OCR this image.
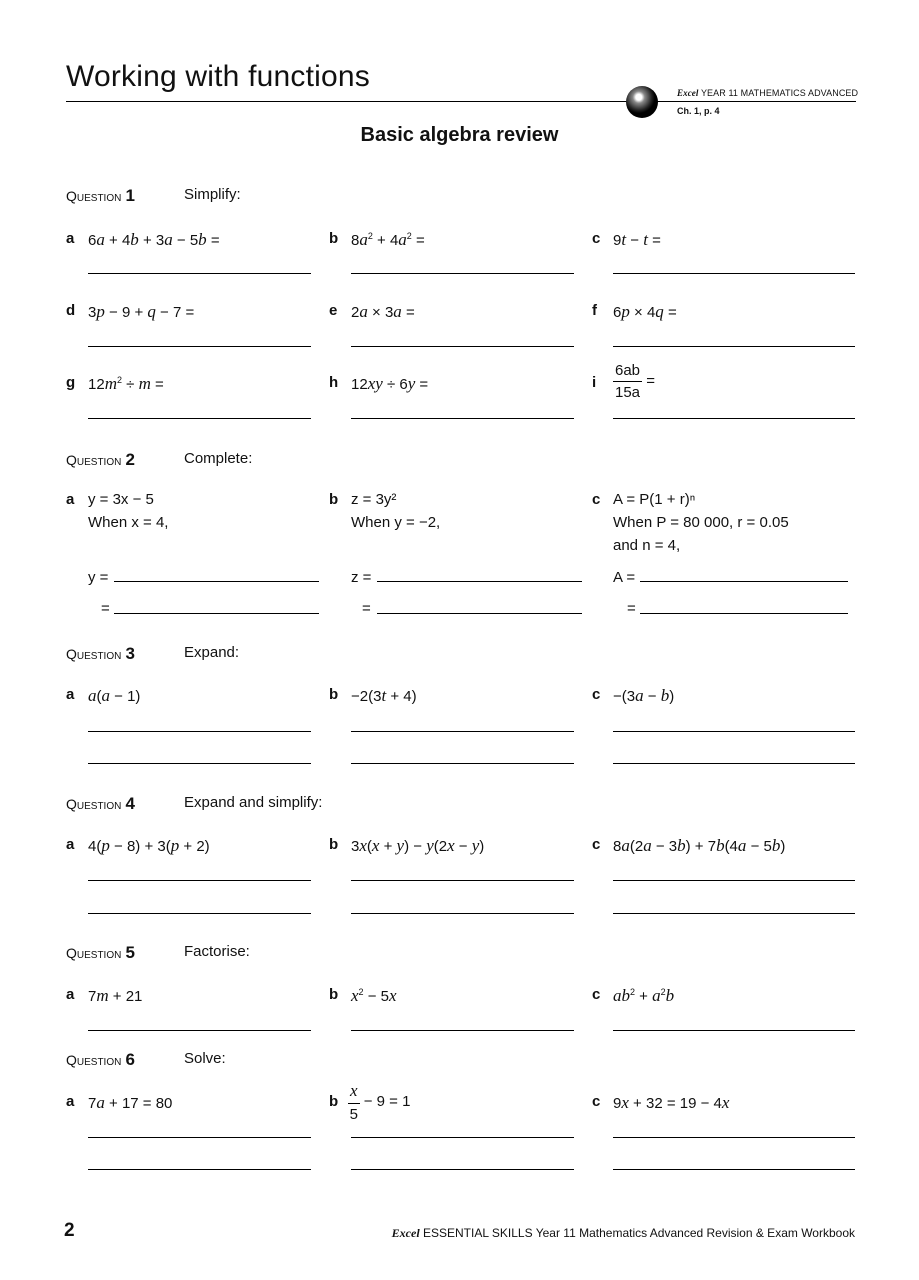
Working with functions	Excel YEAR 11 MATHEMATICS ADVANCED
Ch. 1, p. 4
Basic algebra review
Question 1	Simplify:
a 6a + 4b + 3a − 5b =	b $8a^2 + 4a^2$ =	c 9t − t =
d 3p − 9 + q − 7 =	e 2a × 3a =	f 6p × 4q =
g $12m^2 \div m$ =	h 12xy ÷ 6y =	i $\frac{6ab}{15a}$ =
Question 2	Complete:
a y = 3x − 5
When x = 4,
y =
=
b z = 3y²
When y = −2,
z =
=
c A = P(1 + r)ⁿ
When P = 80 000, r = 0.05
and n = 4,
A =
=
Question 3	Expand:
a a(a − 1)	b −2(3t + 4)	c −(3a − b)
Question 4	Expand and simplify:
a 4(p − 8) + 3(p + 2)	b 3x(x + y) − y(2x − y)	c 8a(2a − 3b) + 7b(4a − 5b)
Question 5	Factorise:
a 7m + 21	b $x^2 - 5x$	c $ab^2 + a^2b$
Question 6	Solve:
a 7a + 17 = 80	b $\frac{x}{5} - 9 = 1$	c 9x + 32 = 19 − 4x
2	Excel ESSENTIAL SKILLS Year 11 Mathematics Advanced Revision & Exam Workbook
